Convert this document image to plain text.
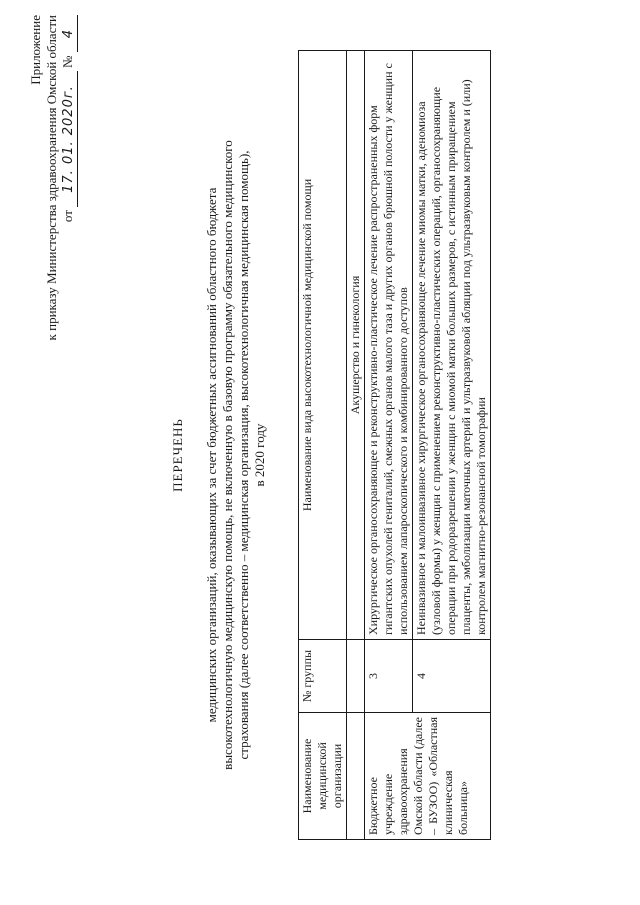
Приложение к приказу Министерства здравоохранения Омской области от 17. 01. 2020г. № 4
ПЕРЕЧЕНЬ медицинских организаций, оказывающих за счет бюджетных ассигнований областного бюджета высокотехнологичную медицинскую помощь, не включенную в базовую программу обязательного медицинского страхования (далее соответственно – медицинская организация, высокотехнологичная медицинская помощь), в 2020 году
Наименование медицинской организации	№ группы	Наименование вида высокотехнологичной медицинской помощи
		Акушерство и гинекология
Бюджетное учреждение здравоохранения Омской области (далее – БУЗОО) «Областная клиническая больница»	3	Хирургическое органосохраняющее и реконструктивно-пластическое лечение распространенных форм гигантских опухолей гениталий, смежных органов малого таза и других органов брюшной полости у женщин с использованием лапароскопического и комбинированного доступов
	4	Неинвазивное и малоинвазивное хирургическое органосохраняющее лечение миомы матки, аденомиоза (узловой формы) у женщин с применением реконструктивно-пластических операций, органосохраняющие операции при родоразрешении у женщин с миомой матки больших размеров, с истинным приращением плаценты, эмболизации маточных артерий и ультразвуковой абляции под ультразвуковым контролем и (или) контролем магнитно-резонансной томографии
